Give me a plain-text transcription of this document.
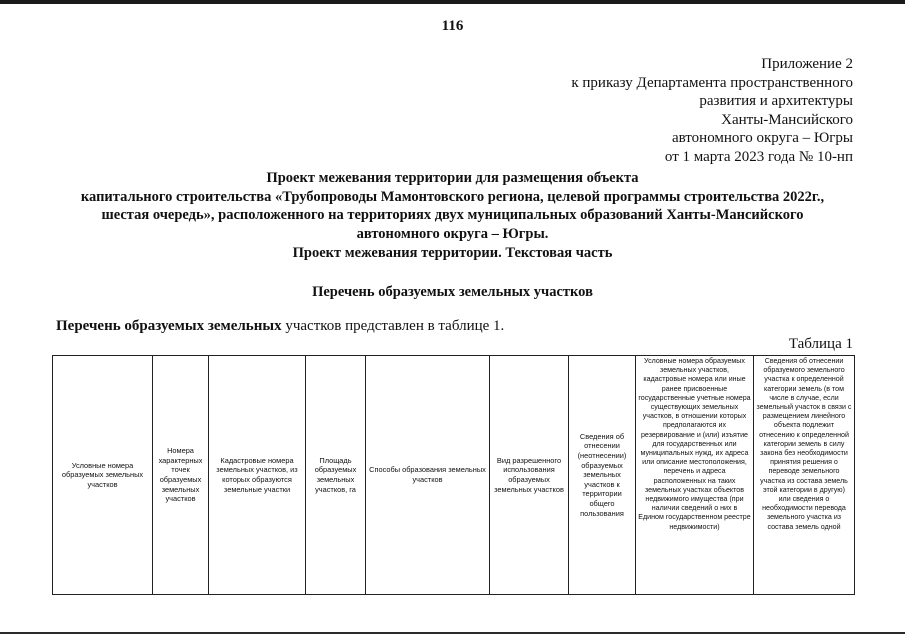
116
Приложение 2
к приказу Департамента пространственного
развития и архитектуры
Ханты-Мансийского
автономного округа – Югры
от 1 марта 2023 года № 10-нп
Проект межевания территории для размещения объекта
капитального строительства «Трубопроводы Мамонтовского региона, целевой программы строительства 2022г.,
шестая очередь», расположенного на территориях двух муниципальных образований Ханты-Мансийского
автономного округа – Югры.
Проект межевания территории. Текстовая часть
Перечень образуемых земельных участков
Перечень образуемых земельных участков представлен в таблице 1.
Таблица 1
Условные номера образуемых земельных участков	Номера характерных точек образуемых земельных участков	Кадастровые номера земельных участков, из которых образуются земельные участки	Площадь образуемых земельных участков, га	Способы образования земельных участков	Вид разрешенного использования образуемых земельных участков	Сведения об отнесении (неотнесении) образуемых земельных участков к территории общего пользования	Условные номера образуемых земельных участков, кадастровые номера или иные ранее присвоенные государственные учетные номера существующих земельных участков, в отношении которых предполагаются их резервирование и (или) изъятие для государственных или муниципальных нужд, их адреса или описание местоположения, перечень и адреса расположенных на таких земельных участках объектов недвижимого имущества (при наличии сведений о них в Едином государственном реестре недвижимости)	Сведения об отнесении образуемого земельного участка к определенной категории земель (в том числе в случае, если земельный участок в связи с размещением линейного объекта подлежит отнесению к определенной категории земель в силу закона без необходимости принятия решения о переводе земельного участка из состава земель этой категории в другую) или сведения о необходимости перевода земельного участка из состава земель одной
